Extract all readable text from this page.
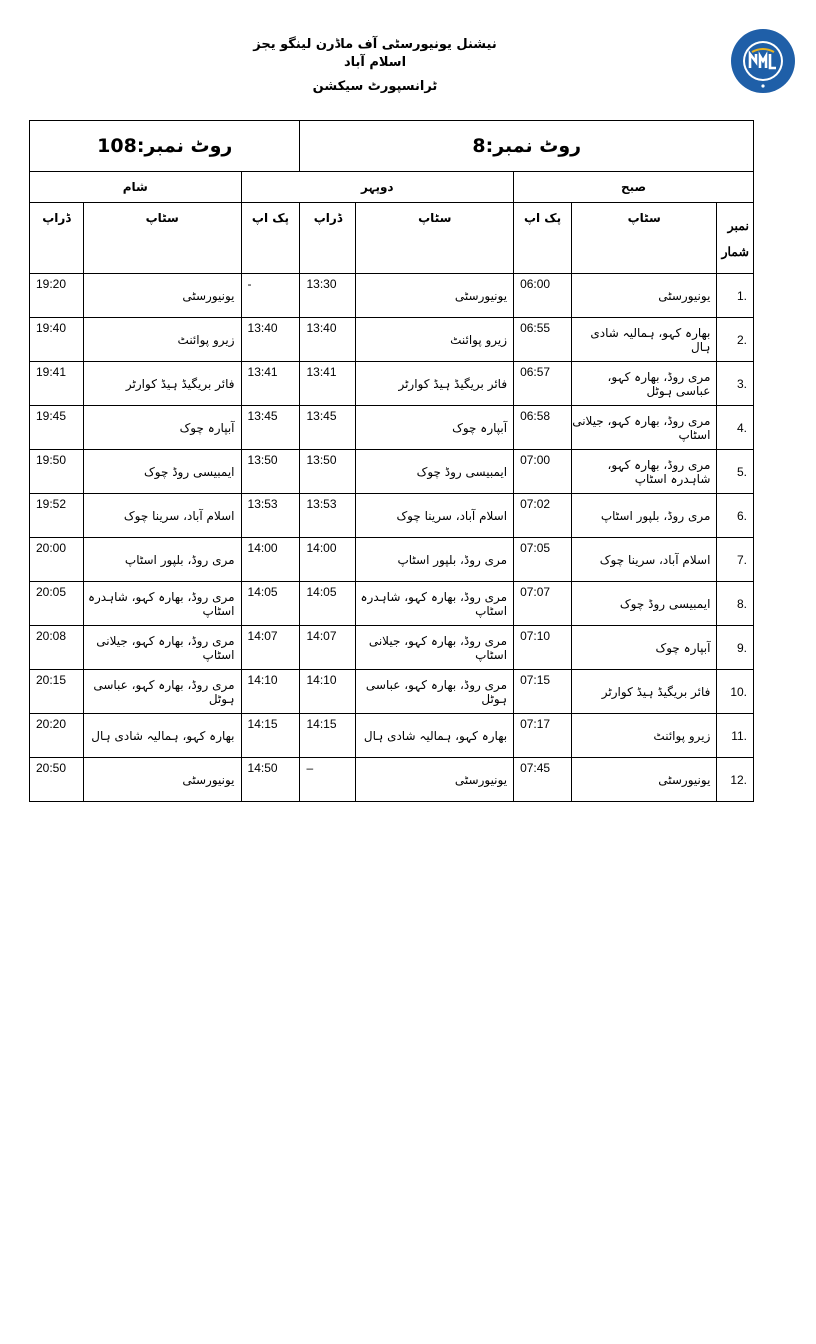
نیشنل یونیورسٹی آف ماڈرن لینگو یجز اسلام آباد
ٹرانسپورٹ سیکشن
روٹ نمبر:8					روٹ نمبر:108		
صبح			دوپہر			شام	
نمبر شمار	سٹاپ	پک اپ	سٹاپ	ڈراپ	پک اپ	سٹاپ	ڈراپ
1.	یونیورسٹی	06:00	یونیورسٹی	13:30	-	یونیورسٹی	19:20
2.	بھارہ کہو، ہمالیہ شادی ہال	06:55	زیرو پوائنٹ	13:40	13:40	زیرو پوائنٹ	19:40
3.	مری روڈ، بھارہ کہو، عباسی ہوٹل	06:57	فائر بریگیڈ ہیڈ کوارٹر	13:41	13:41	فائر بریگیڈ ہیڈ کوارٹر	19:41
4.	مری روڈ، بھارہ کہو، جیلانی اسٹاپ	06:58	آبپارہ چوک	13:45	13:45	آبپارہ چوک	19:45
5.	مری روڈ، بھارہ کہو، شاہدرہ اسٹاپ	07:00	ایمبیسی روڈ چوک	13:50	13:50	ایمبیسی روڈ چوک	19:50
6.	مری روڈ، بلپور اسٹاپ	07:02	اسلام آباد، سرینا چوک	13:53	13:53	اسلام آباد، سرینا چوک	19:52
7.	اسلام آباد، سرینا چوک	07:05	مری روڈ، بلپور اسٹاپ	14:00	14:00	مری روڈ، بلپور اسٹاپ	20:00
8.	ایمبیسی روڈ چوک	07:07	مری روڈ، بھارہ کہو، شاہدرہ اسٹاپ	14:05	14:05	مری روڈ، بھارہ کہو، شاہدرہ اسٹاپ	20:05
9.	آبپارہ چوک	07:10	مری روڈ، بھارہ کہو، جیلانی اسٹاپ	14:07	14:07	مری روڈ، بھارہ کہو، جیلانی اسٹاپ	20:08
10.	فائر بریگیڈ ہیڈ کوارٹر	07:15	مری روڈ، بھارہ کہو، عباسی ہوٹل	14:10	14:10	مری روڈ، بھارہ کہو، عباسی ہوٹل	20:15
11.	زیرو پوائنٹ	07:17	بھارہ کہو، ہمالیہ شادی ہال	14:15	14:15	بھارہ کہو، ہمالیہ شادی ہال	20:20
12.	یونیورسٹی	07:45	یونیورسٹی	–	14:50	یونیورسٹی	20:50
